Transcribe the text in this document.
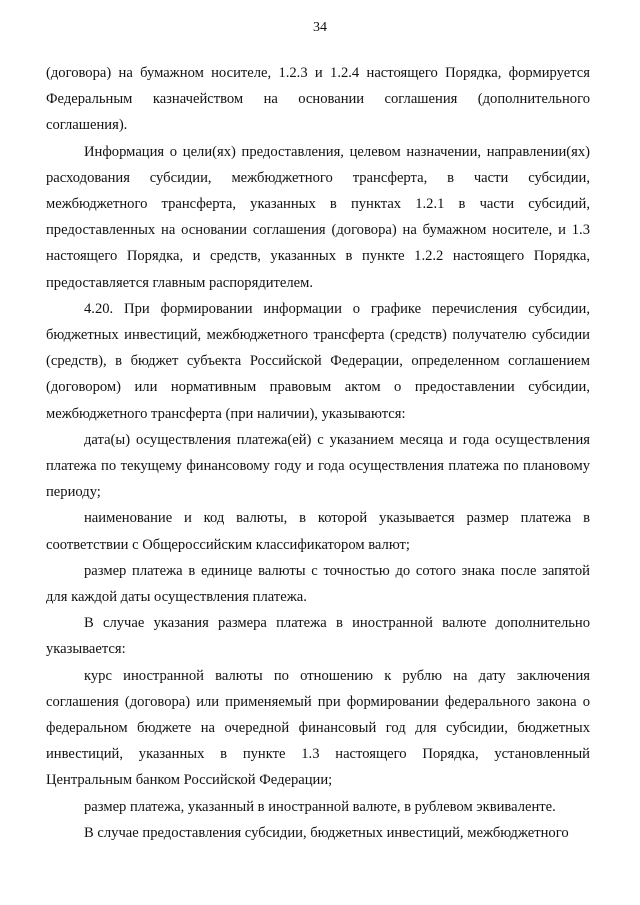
34

(договора) на бумажном носителе, 1.2.3 и 1.2.4 настоящего Порядка, формируется Федеральным казначейством на основании соглашения (дополнительного соглашения).

Информация о цели(ях) предоставления, целевом назначении, направлении(ях) расходования субсидии, межбюджетного трансферта, в части субсидии, межбюджетного трансферта, указанных в пунктах 1.2.1 в части субсидий, предоставленных на основании соглашения (договора) на бумажном носителе, и 1.3 настоящего Порядка, и средств, указанных в пункте 1.2.2 настоящего Порядка, предоставляется главным распорядителем.

4.20. При формировании информации о графике перечисления субсидии, бюджетных инвестиций, межбюджетного трансферта (средств) получателю субсидии (средств), в бюджет субъекта Российской Федерации, определенном соглашением (договором) или нормативным правовым актом о предоставлении субсидии, межбюджетного трансферта (при наличии), указываются:

дата(ы) осуществления платежа(ей) с указанием месяца и года осуществления платежа по текущему финансовому году и года осуществления платежа по плановому периоду;

наименование и код валюты, в которой указывается размер платежа в соответствии с Общероссийским классификатором валют;

размер платежа в единице валюты с точностью до сотого знака после запятой для каждой даты осуществления платежа.

В случае указания размера платежа в иностранной валюте дополнительно указывается:

курс иностранной валюты по отношению к рублю на дату заключения соглашения (договора) или применяемый при формировании федерального закона о федеральном бюджете на очередной финансовый год для субсидии, бюджетных инвестиций, указанных в пункте 1.3 настоящего Порядка, установленный Центральным банком Российской Федерации;

размер платежа, указанный в иностранной валюте, в рублевом эквиваленте.

В случае предоставления субсидии, бюджетных инвестиций, межбюджетного
